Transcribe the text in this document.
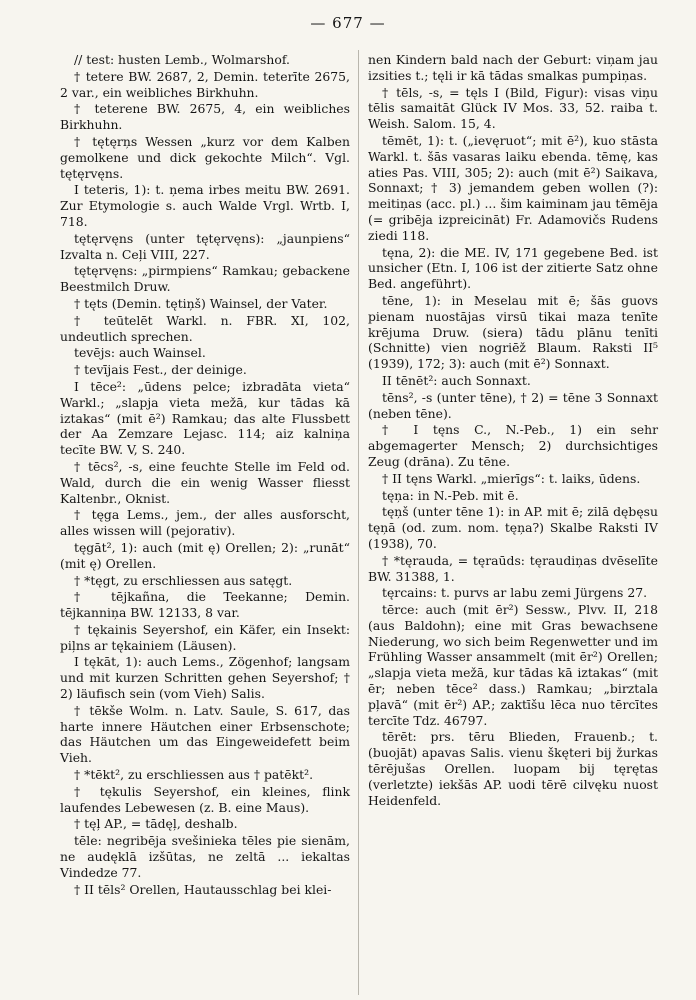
— 677 —

// test: husten Lemb., Wolmarshof.

† tetere BW. 2687, 2, Demin. teterīte 2675, 2 var., ein weibliches Birkhuhn.

† teterene BW. 2675, 4, ein weibliches Birkhuhn.

† tętęrņs Wessen „kurz vor dem Kalben gemolkene und dick gekochte Milch“. Vgl. tętęrvęns.

I teteris, 1): t. ņema irbes meitu BW. 2691. Zur Etymologie s. auch Walde Vrgl. Wrtb. I, 718.

tętęrvęns (unter tętęrvęns): „jaunpiens“ Izvalta n. Ceļi VIII, 227.

tętęrvęns: „pirmpiens“ Ramkau; gebackene Beestmilch Druw.

† tęts (Demin. tętiņš) Wainsel, der Vater.

† teūtelēt Warkl. n. FBR. XI, 102, undeutlich sprechen.

tevējs: auch Wainsel.

† tevījais Fest., der deinige.

I tēce²: „ūdens pelce; izbradāta vieta“ Warkl.; „slapja vieta mežā, kur tādas kā iztakas“ (mit ē²) Ramkau; das alte Flussbett der Aa Zemzare Lejasc. 114; aiz kalniņa tecīte BW. V, S. 240.

† tēcs², -s, eine feuchte Stelle im Feld od. Wald, durch die ein wenig Wasser fliesst Kaltenbr., Oknist.

† tęga Lems., jem., der alles ausforscht, alles wissen will (pejorativ).

tęgāt², 1): auch (mit ę) Orellen; 2): „runāt“ (mit ę) Orellen.

† *tęgt, zu erschliessen aus satęgt.

† tējkañna, die Teekanne; Demin. tējkanniņa BW. 12133, 8 var.

† tękainis Seyershof, ein Käfer, ein Insekt: piļns ar tękainiem (Läusen).

I tękāt, 1): auch Lems., Zögenhof; langsam und mit kurzen Schritten gehen Seyershof; † 2) läufisch sein (vom Vieh) Salis.

† tēkše Wolm. n. Latv. Saule, S. 617, das harte innere Häutchen einer Erbsenschote; das Häutchen um das Eingeweidefett beim Vieh.

† *tēkt², zu erschliessen aus † patēkt².

† tękulis Seyershof, ein kleines, flink laufendes Lebewesen (z. B. eine Maus).

† tęļ AP., = tādęļ, deshalb.

tēle: negribēja svešinieka tēles pie sienām, ne audęklā izšūtas, ne zeltā ... iekaltas Vindedze 77.

† II tēls² Orellen, Hautausschlag bei klei-

nen Kindern bald nach der Geburt: viņam jau izsities t.; tęli ir kā tādas smalkas pumpiņas.

† tēls, -s, = tęls I (Bild, Figur): visas viņu tēlis samaitāt Glück IV Mos. 33, 52. raiba t. Weish. Salom. 15, 4.

tēmēt, 1): t. („ievęruot“; mit ē²), kuo stāsta Warkl. t. šās vasaras laiku ebenda. tēmę, kas aties Pas. VIII, 305; 2): auch (mit ē²) Saikava, Sonnaxt; † 3) jemandem geben wollen (?): meitiņas (acc. pl.) ... šim kaiminam jau tēmēja (= gribēja izpreicināt) Fr. Adamovičs Rudens ziedi 118.

tęna, 2): die ME. IV, 171 gegebene Bed. ist unsicher (Etn. I, 106 ist der zitierte Satz ohne Bed. angeführt).

tēne, 1): in Meselau mit ē; šās guovs pienam nuostājas virsū tikai maza tenīte krējuma Druw. (siera) tādu plānu tenīti (Schnitte) vien nogriēž Blaum. Raksti II⁵ (1939), 172; 3): auch (mit ē²) Sonnaxt.

II tēnēt²: auch Sonnaxt.

tēns², -s (unter tēne), † 2) = tēne 3 Sonnaxt (neben tēne).

† I tęns C., N.-Peb., 1) ein sehr abgemagerter Mensch; 2) durchsichtiges Zeug (drāna). Zu tēne.

† II tęns Warkl. „mierīgs“: t. laiks, ūdens.

tęņa: in N.-Peb. mit ē.

tęņš (unter tēne 1): in AP. mit ē; zilā dębęsu tęņā (od. zum. nom. tęņa?) Skalbe Raksti IV (1938), 70.

† *tęrauda, = tęraūds: tęraudiņas dvēselīte BW. 31388, 1.

tęrcains: t. purvs ar labu zemi Jürgens 27.

tērce: auch (mit ēr²) Sessw., Plvv. II, 218 (aus Baldohn); eine mit Gras bewachsene Niederung, wo sich beim Regenwetter und im Frühling Wasser ansammelt (mit ēr²) Orellen; „slapja vieta mežā, kur tādas kā iztakas“ (mit ēr; neben tēce² dass.) Ramkau; „birztala pļavā“ (mit ēr²) AP.; zaktīšu lēca nuo tērcītes tercīte Tdz. 46797.

tērēt: prs. tēru Blieden, Frauenb.; t. (buojāt) apavas Salis. vienu škęteri bij žurkas tērējušas Orellen. luopam bij tęrętas (verletzte) iekšās AP. uodi tērē cilvęku nuost Heidenfeld.
